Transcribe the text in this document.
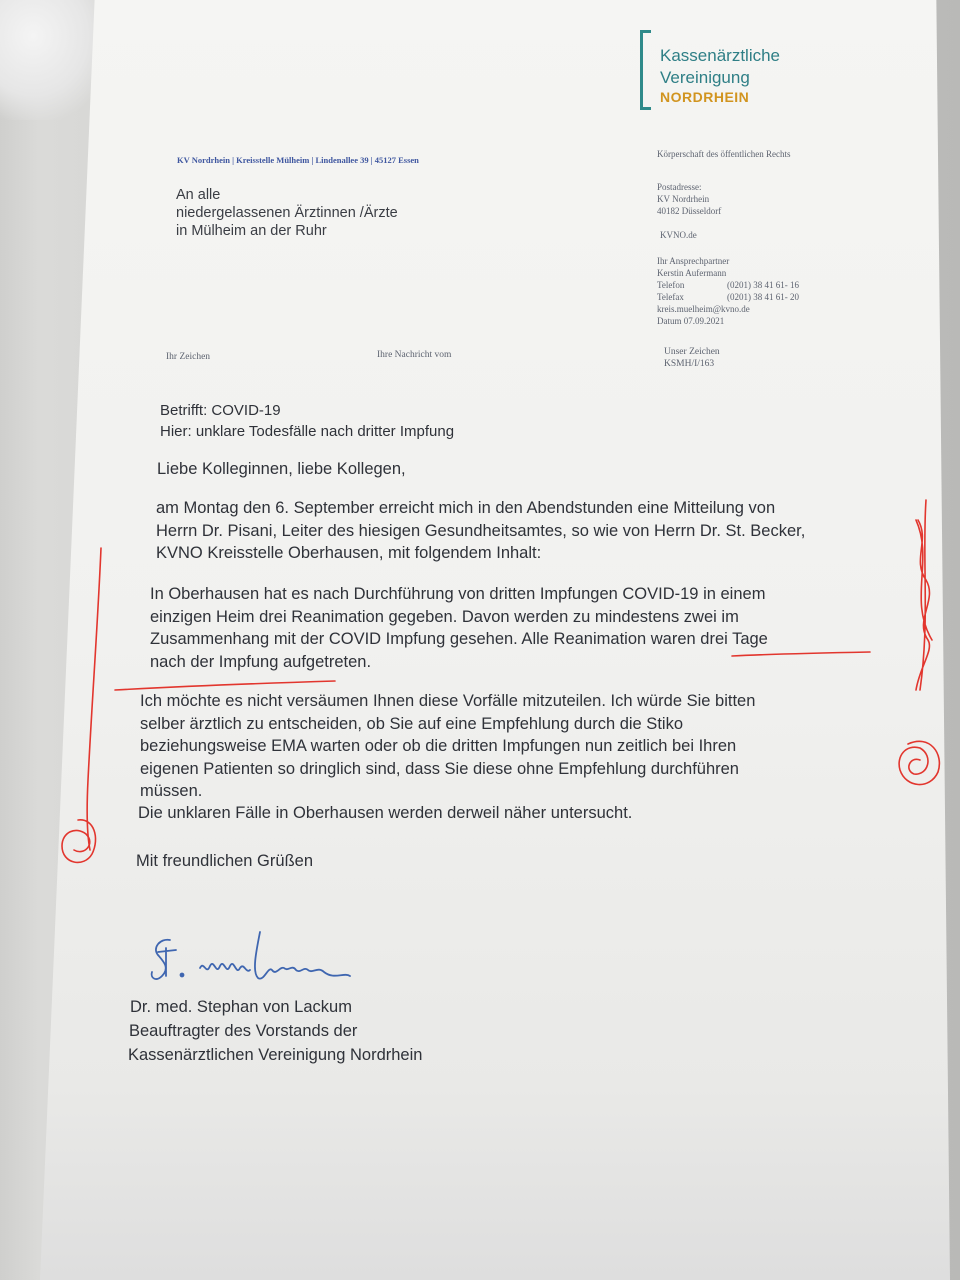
Kassenärztliche
Vereinigung
NORDRHEIN
KV Nordrhein | Kreisstelle Mülheim | Lindenallee 39 | 45127 Essen
An alle
niedergelassenen Ärztinnen /Ärzte
in Mülheim an der Ruhr
Körperschaft des öffentlichen Rechts
Postadresse:
KV Nordrhein
40182 Düsseldorf
KVNO.de
Ihr Ansprechpartner
Kerstin Aufermann
Telefon	(0201) 38 41 61- 16
Telefax	(0201) 38 41 61- 20
kreis.muelheim@kvno.de
Datum 07.09.2021
Ihr Zeichen	Ihre Nachricht vom	Unser Zeichen
KSMH/I/163
Betrifft: COVID-19
Hier: unklare Todesfälle nach dritter Impfung
Liebe Kolleginnen, liebe Kollegen,
am Montag den 6. September erreicht mich in den Abendstunden eine Mitteilung von
Herrn Dr. Pisani, Leiter des hiesigen Gesundheitsamtes, so wie von Herrn Dr. St. Becker,
KVNO Kreisstelle Oberhausen, mit folgendem Inhalt:
In Oberhausen hat es nach Durchführung von dritten Impfungen COVID-19 in einem
einzigen Heim drei Reanimation gegeben. Davon werden zu mindestens zwei im
Zusammenhang mit der COVID Impfung gesehen. Alle Reanimation waren drei Tage
nach der Impfung aufgetreten.
Ich möchte es nicht versäumen Ihnen diese Vorfälle mitzuteilen. Ich würde Sie bitten
selber ärztlich zu entscheiden, ob Sie auf eine Empfehlung durch die Stiko
beziehungsweise EMA warten oder ob die dritten Impfungen nun zeitlich bei Ihren
eigenen Patienten so dringlich sind, dass Sie diese ohne Empfehlung durchführen
müssen.
Die unklaren Fälle in Oberhausen werden derweil näher untersucht.
Mit freundlichen Grüßen
Dr. med. Stephan von Lackum
Beauftragter des Vorstands der
Kassenärztlichen Vereinigung Nordrhein
